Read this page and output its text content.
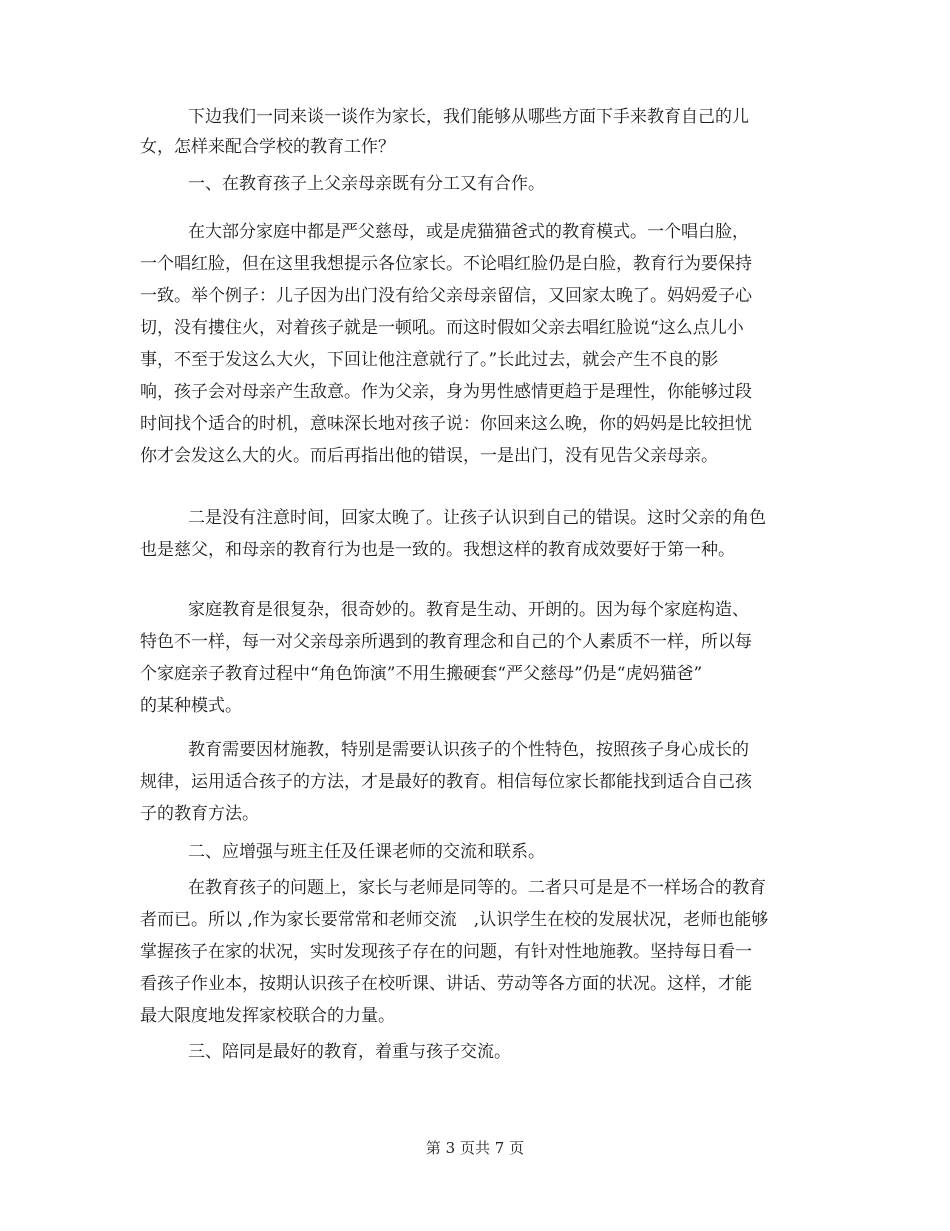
下边我们一同来谈一谈作为家长，我们能够从哪些方面下手来教育自己的儿
女，怎样来配合学校的教育工作？
一、在教育孩子上父亲母亲既有分工又有合作。
在大部分家庭中都是严父慈母，或是虎猫猫爸式的教育模式。一个唱白脸，
一个唱红脸，但在这里我想提示各位家长。不论唱红脸仍是白脸，教育行为要保持
一致。举个例子：儿子因为出门没有给父亲母亲留信，又回家太晚了。妈妈爱子心
切，没有摟住火，对着孩子就是一顿吼。而这时假如父亲去唱红脸说“这么点儿小
事，不至于发这么大火，下回让他注意就行了。”长此过去，就会产生不良的影
响，孩子会对母亲产生敌意。作为父亲，身为男性感情更趋于是理性，你能够过段
时间找个适合的时机，意味深长地对孩子说：你回来这么晚，你的妈妈是比较担忧
你才会发这么大的火。而后再指出他的错误，一是出门，没有见告父亲母亲。
二是没有注意时间，回家太晚了。让孩子认识到自己的错误。这时父亲的角色
也是慈父，和母亲的教育行为也是一致的。我想这样的教育成效要好于第一种。
家庭教育是很复杂，很奇妙的。教育是生动、开朗的。因为每个家庭构造、
特色不一样，每一对父亲母亲所遇到的教育理念和自己的个人素质不一样，所以每
个家庭亲子教育过程中“角色饰演”不用生搬硬套“严父慈母”仍是“虎妈猫爸”
的某种模式。
教育需要因材施教，特别是需要认识孩子的个性特色，按照孩子身心成长的
规律，运用适合孩子的方法，才是最好的教育。相信每位家长都能找到适合自己孩
子的教育方法。
二、应增强与班主任及任课老师的交流和联系。
在教育孩子的问题上，家长与老师是同等的。二者只可是是不一样场合的教育
者而已。所以 ,作为家长要常常和老师交流　,认识学生在校的发展状况，老师也能够
掌握孩子在家的状况，实时发现孩子存在的问题，有针对性地施教。坚持每日看一
看孩子作业本，按期认识孩子在校听课、讲话、劳动等各方面的状况。这样，才能
最大限度地发挥家校联合的力量。
三、陪同是最好的教育，着重与孩子交流。
第 3 页共 7 页
